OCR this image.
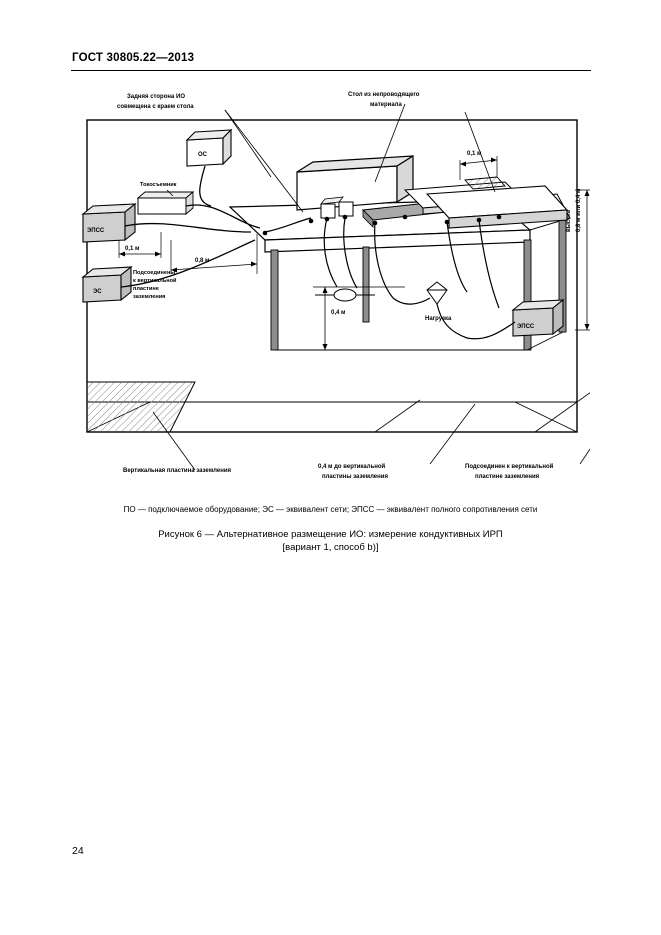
ГОСТ 30805.22—2013
ОС
ЭПСС
ЭС
ЭПСС
0,1 м
0,1 м
0,8 м
0,4 м
0,8 м или 0,4 м
высота
Задняя сторона ИО
совмещена с краем стола
Стол из непроводящего
материала
Токосъемник
Нагрузка
Подсоединены
к вертикальной
пластине
заземления
Вертикальная пластина заземления
0,4 м до вертикальной
пластины заземления
Подсоединен к вертикальной
пластине заземления
ПО — подключаемое оборудование; ЭС — эквивалент сети; ЭПСС — эквивалент полного сопротивления сети
Рисунок 6 — Альтернативное размещение ИО: измерение кондуктивных ИРП
[вариант 1, способ b)]
24
